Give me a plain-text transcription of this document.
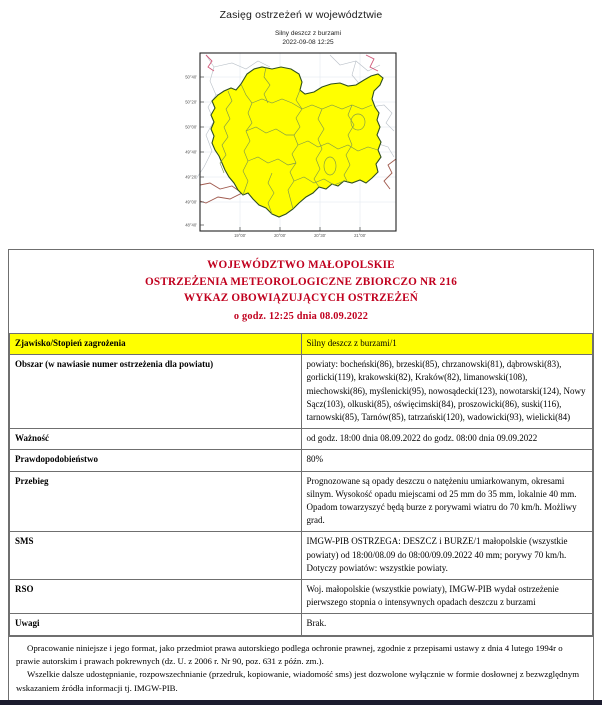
Zasięg ostrzeżeń w województwie
Silny deszcz z burzami
2022-09-08 12:25
50°40'
50°20'
50°00'
49°40'
49°20'
49°00'
48°40'
19°00'	20°00'	20°30'	21°00'
WOJEWÓDZTWO MAŁOPOLSKIE
OSTRZEŻENIA METEOROLOGICZNE ZBIORCZO NR 216
WYKAZ OBOWIĄZUJĄCYCH OSTRZEŻEŃ
o godz. 12:25 dnia 08.09.2022	

Zjawisko/Stopień zagrożenia	Silny deszcz z burzami/1
Obszar (w nawiasie numer ostrzeżenia dla powiatu)	powiaty: bocheński(86), brzeski(85), chrzanowski(81), dąbrowski(83), gorlicki(119), krakowski(82), Kraków(82), limanowski(108), miechowski(86), myślenicki(95), nowosądecki(123), nowotarski(124), Nowy Sącz(103), olkuski(85), oświęcimski(84), proszowicki(86), suski(116), tarnowski(85), Tarnów(85), tatrzański(120), wadowicki(93), wielicki(84)
Ważność	od godz. 18:00 dnia 08.09.2022 do godz. 08:00 dnia 09.09.2022
Prawdopodobieństwo	80%
Przebieg	Prognozowane są opady deszczu o natężeniu umiarkowanym, okresami silnym. Wysokość opadu miejscami od 25 mm do 35 mm, lokalnie 40 mm. Opadom towarzyszyć będą burze z porywami wiatru do 70 km/h. Możliwy grad.
SMS	IMGW-PIB OSTRZEGA: DESZCZ i BURZE/1 małopolskie (wszystkie powiaty) od 18:00/08.09 do 08:00/09.09.2022 40 mm; porywy 70 km/h. Dotyczy powiatów: wszystkie powiaty.
RSO	Woj. małopolskie (wszystkie powiaty), IMGW-PIB wydał ostrzeżenie pierwszego stopnia o intensywnych opadach deszczu z burzami
Uwagi	Brak.

Opracowanie niniejsze i jego format, jako przedmiot prawa autorskiego podlega ochronie prawnej, zgodnie z przepisami ustawy z dnia 4 lutego 1994r o prawie autorskim i prawach pokrewnych (dz. U. z 2006 r. Nr 90, poz. 631 z późn. zm.).

Wszelkie dalsze udostępnianie, rozpowszechnianie (przedruk, kopiowanie, wiadomość sms) jest dozwolone wyłącznie w formie dosłownej z bezwzględnym wskazaniem źródła informacji tj. IMGW-PIB.
